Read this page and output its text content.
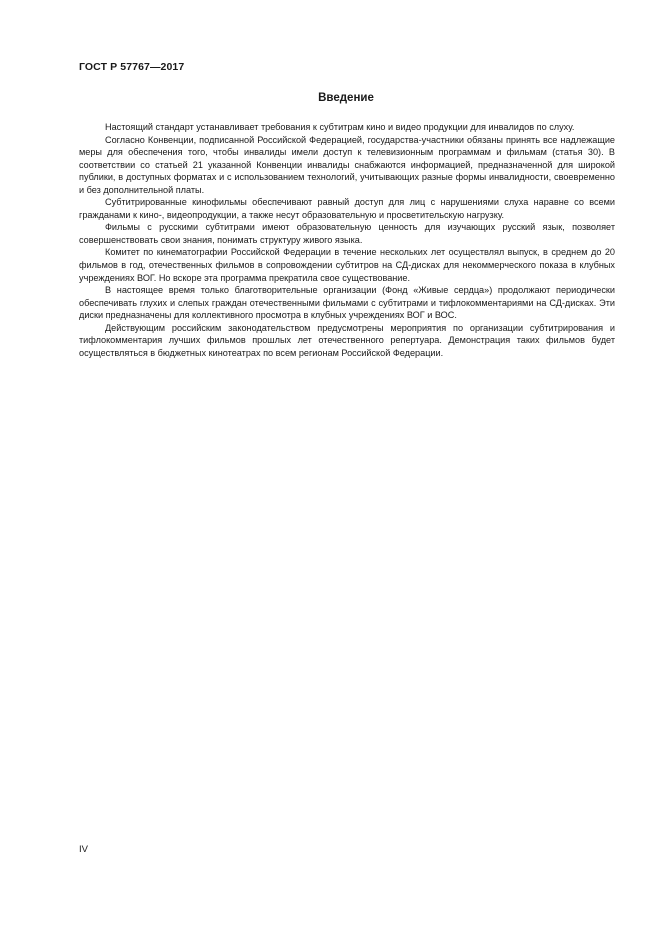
ГОСТ Р 57767—2017
Введение

Настоящий стандарт устанавливает требования к субтитрам кино и видео продукции для инвалидов по слуху.

Согласно Конвенции, подписанной Российской Федерацией, государства-участники обязаны принять все надлежащие меры для обеспечения того, чтобы инвалиды имели доступ к телевизионным программам и фильмам (статья 30). В соответствии со статьей 21 указанной Конвенции инвалиды снабжаются информацией, предназначенной для широкой публики, в доступных форматах и с использованием технологий, учитывающих разные формы инвалидности, своевременно и без дополнительной платы.

Субтитрированные кинофильмы обеспечивают равный доступ для лиц с нарушениями слуха наравне со всеми гражданами к кино-, видеопродукции, а также несут образовательную и просветительскую нагрузку.

Фильмы с русскими субтитрами имеют образовательную ценность для изучающих русский язык, позволяет совершенствовать свои знания, понимать структуру живого языка.

Комитет по кинематографии Российской Федерации в течение нескольких лет осуществлял выпуск, в среднем до 20 фильмов в год, отечественных фильмов в сопровождении субтитров на СД-дисках для некоммерческого показа в клубных учреждениях ВОГ. Но вскоре эта программа прекратила свое существование.

В настоящее время только благотворительные организации (Фонд «Живые сердца») продолжают периодически обеспечивать глухих и слепых граждан отечественными фильмами с субтитрами и тифлокомментариями на СД-дисках. Эти диски предназначены для коллективного просмотра в клубных учреждениях ВОГ и ВОС.

Действующим российским законодательством предусмотрены мероприятия по организации субтитрирования и тифлокомментария лучших фильмов прошлых лет отечественного репертуара. Демонстрация таких фильмов будет осуществляться в бюджетных кинотеатрах по всем регионам Российской Федерации.

IV
